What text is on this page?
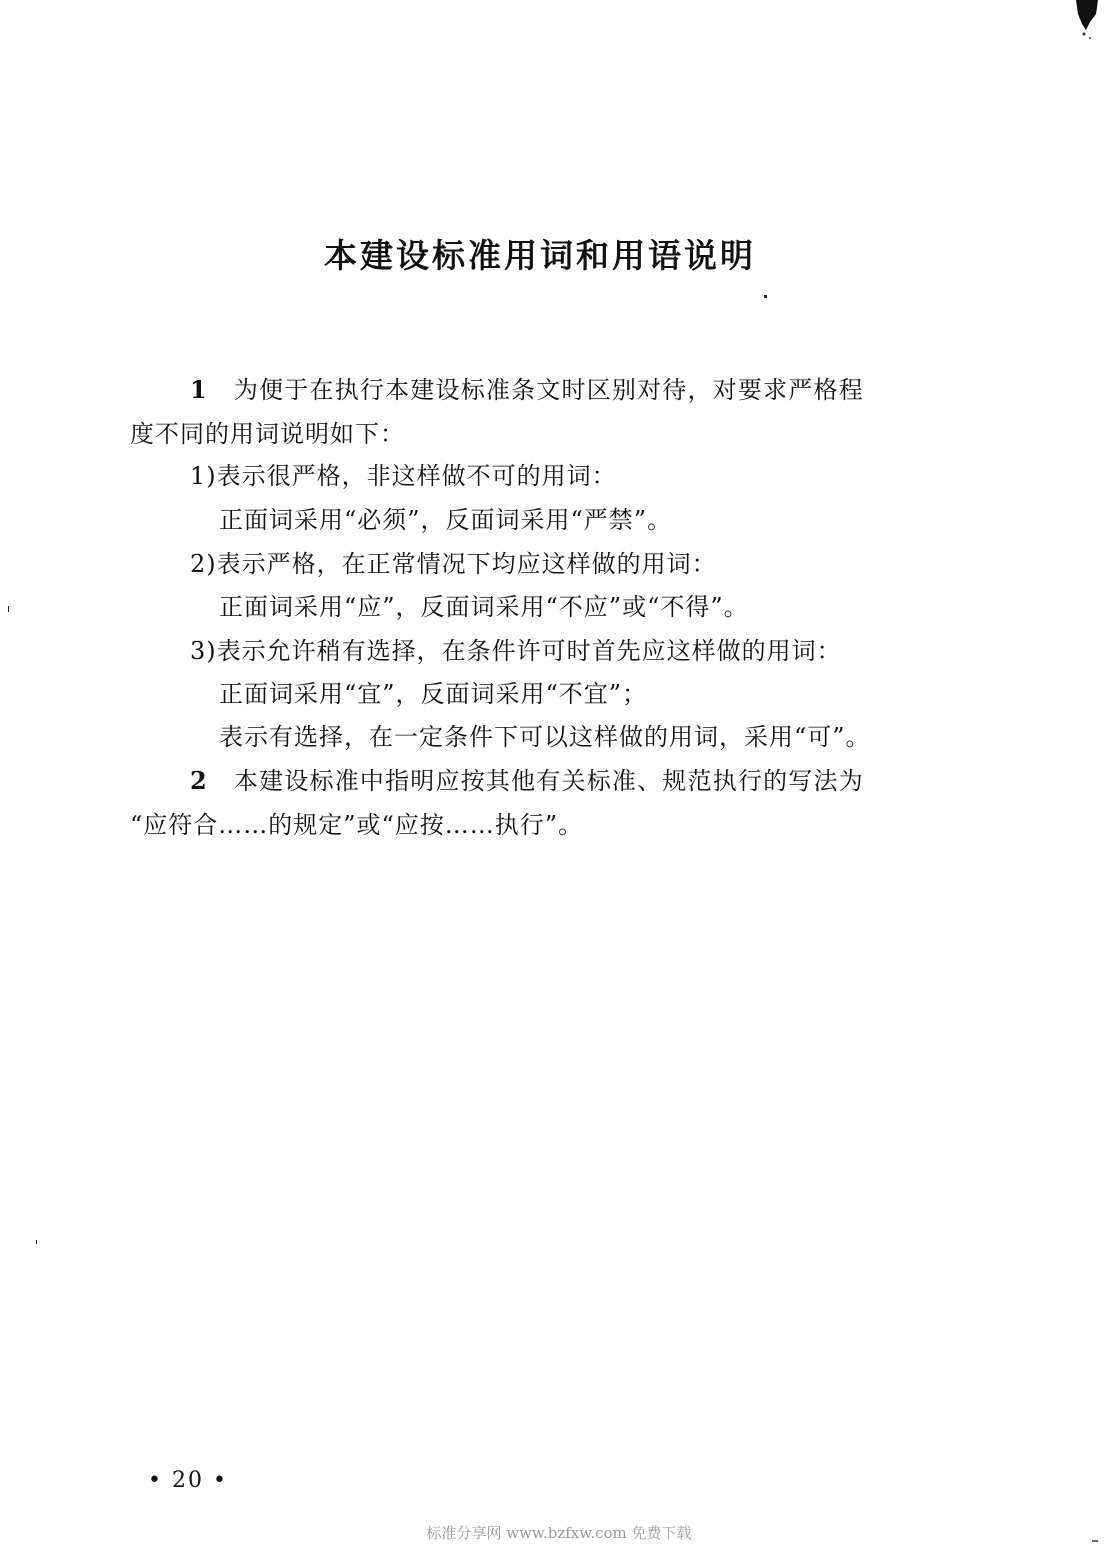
本建设标准用词和用语说明
1 为便于在执行本建设标准条文时区别对待，对要求严格程
度不同的用词说明如下：
1)表示很严格，非这样做不可的用词：
正面词采用“必须”，反面词采用“严禁”。
2)表示严格，在正常情况下均应这样做的用词：
正面词采用“应”，反面词采用“不应”或“不得”。
3)表示允许稍有选择，在条件许可时首先应这样做的用词：
正面词采用“宜”，反面词采用“不宜”；
表示有选择，在一定条件下可以这样做的用词，采用“可”。
2 本建设标准中指明应按其他有关标准、规范执行的写法为
“应符合……的规定”或“应按……执行”。
• 20 •
标准分享网 www.bzfxw.com 免费下载
